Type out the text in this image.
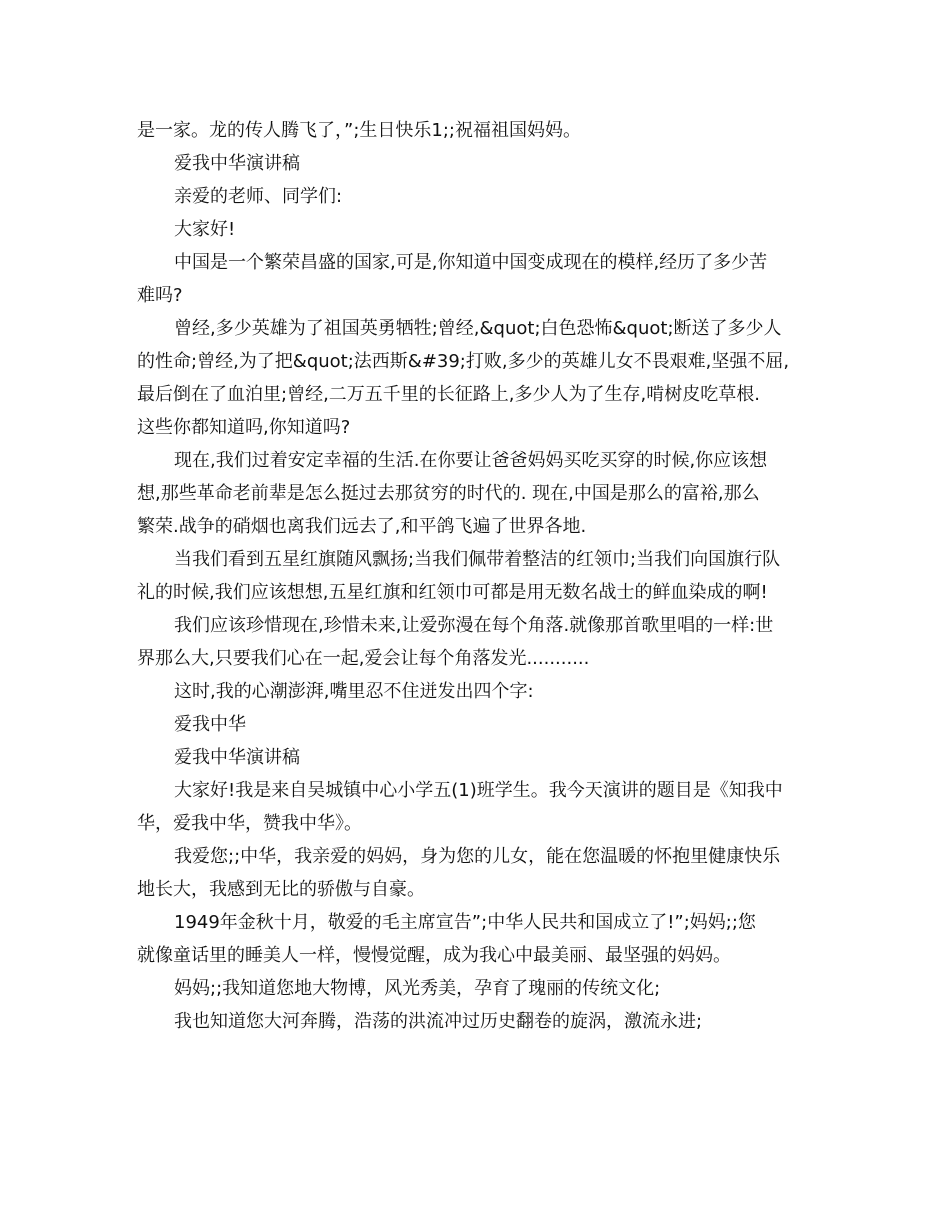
是一家。龙的传人腾飞了，”;生日快乐1;;祝福祖国妈妈。
爱我中华演讲稿
亲爱的老师、同学们:
大家好!
中国是一个繁荣昌盛的国家,可是,你知道中国变成现在的模样,经历了多少苦
难吗?
曾经,多少英雄为了祖国英勇牺牲;曾经,&quot;白色恐怖&quot;断送了多少人
的性命;曾经,为了把&quot;法西斯&#39;打败,多少的英雄儿女不畏艰难,坚强不屈,
最后倒在了血泊里;曾经,二万五千里的长征路上,多少人为了生存,啃树皮吃草根.
这些你都知道吗,你知道吗?
现在,我们过着安定幸福的生活.在你要让爸爸妈妈买吃买穿的时候,你应该想
想,那些革命老前辈是怎么挺过去那贫穷的时代的. 现在,中国是那么的富裕,那么
繁荣.战争的硝烟也离我们远去了,和平鸽飞遍了世界各地.
当我们看到五星红旗随风飘扬;当我们佩带着整洁的红领巾;当我们向国旗行队
礼的时候,我们应该想想,五星红旗和红领巾可都是用无数名战士的鲜血染成的啊!
我们应该珍惜现在,珍惜未来,让爱弥漫在每个角落.就像那首歌里唱的一样:世
界那么大,只要我们心在一起,爱会让每个角落发光...........
这时,我的心潮澎湃,嘴里忍不住迸发出四个字:
爱我中华
爱我中华演讲稿
大家好!我是来自吴城镇中心小学五(1)班学生。我今天演讲的题目是《知我中
华，爱我中华，赞我中华》。
我爱您;;中华，我亲爱的妈妈，身为您的儿女，能在您温暖的怀抱里健康快乐
地长大，我感到无比的骄傲与自豪。
1949年金秋十月，敬爱的毛主席宣告”;中华人民共和国成立了!”;妈妈;;您
就像童话里的睡美人一样，慢慢觉醒，成为我心中最美丽、最坚强的妈妈。
妈妈;;我知道您地大物博，风光秀美，孕育了瑰丽的传统文化;
我也知道您大河奔腾，浩荡的洪流冲过历史翻卷的旋涡，激流永进;
